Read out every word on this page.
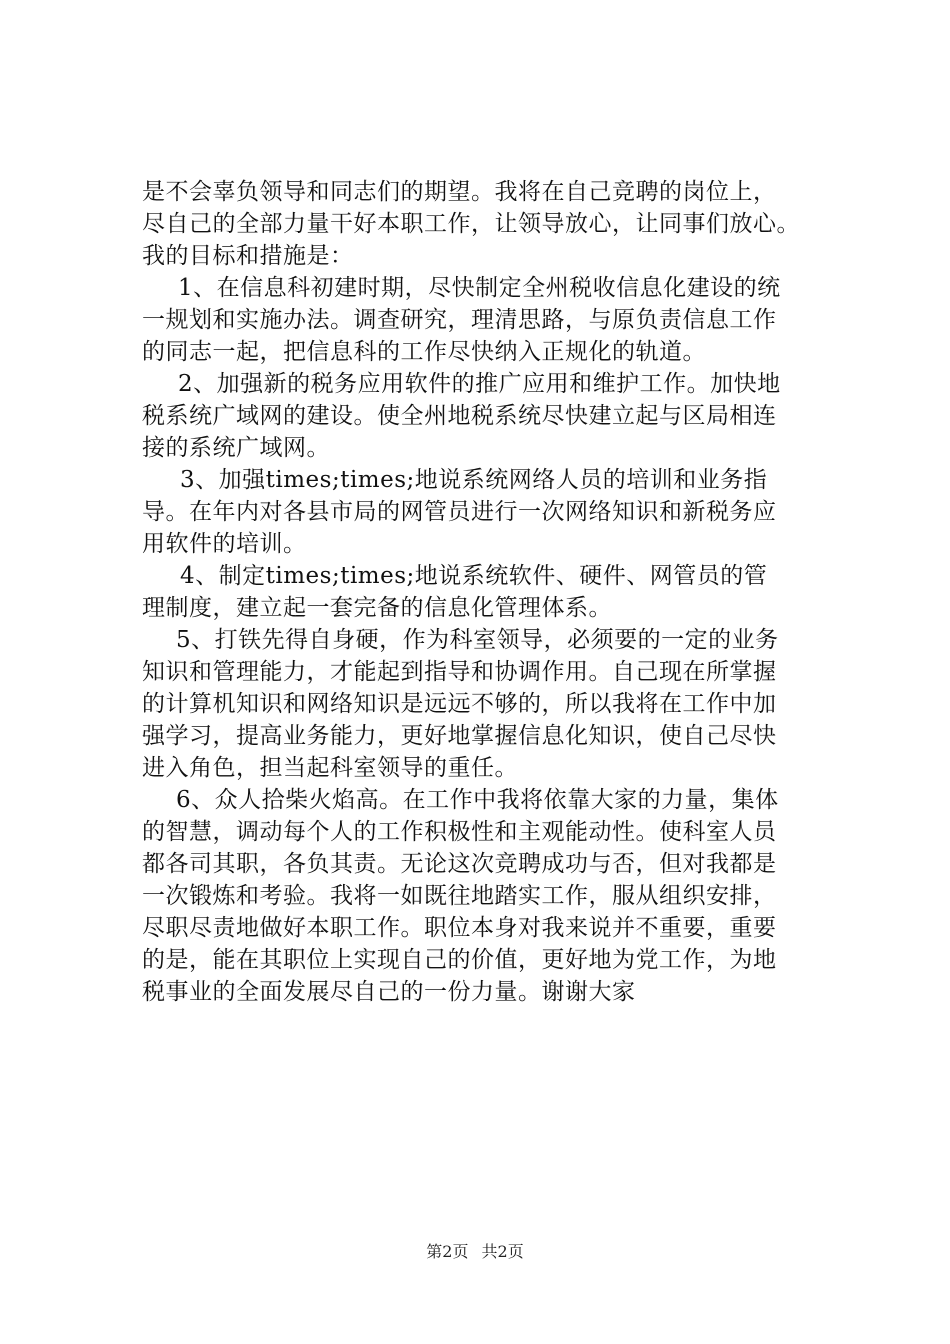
是不会辜负领导和同志们的期望。我将在自己竞聘的岗位上，
尽自己的全部力量干好本职工作，让领导放心，让同事们放心。
我的目标和措施是：
1、在信息科初建时期，尽快制定全州税收信息化建设的统
一规划和实施办法。调查研究，理清思路，与原负责信息工作
的同志一起，把信息科的工作尽快纳入正规化的轨道。
2、加强新的税务应用软件的推广应用和维护工作。加快地
税系统广域网的建设。使全州地税系统尽快建立起与区局相连
接的系统广域网。
3、加强times;times;地说系统网络人员的培训和业务指
导。在年内对各县市局的网管员进行一次网络知识和新税务应
用软件的培训。
4、制定times;times;地说系统软件、硬件、网管员的管
理制度，建立起一套完备的信息化管理体系。
5、打铁先得自身硬，作为科室领导，必须要的一定的业务
知识和管理能力，才能起到指导和协调作用。自己现在所掌握
的计算机知识和网络知识是远远不够的，所以我将在工作中加
强学习，提高业务能力，更好地掌握信息化知识，使自己尽快
进入角色，担当起科室领导的重任。
6、众人拾柴火焰高。在工作中我将依靠大家的力量，集体
的智慧，调动每个人的工作积极性和主观能动性。使科室人员
都各司其职，各负其责。无论这次竞聘成功与否，但对我都是
一次锻炼和考验。我将一如既往地踏实工作，服从组织安排，
尽职尽责地做好本职工作。职位本身对我来说并不重要，重要
的是，能在其职位上实现自己的价值，更好地为党工作，为地
税事业的全面发展尽自己的一份力量。谢谢大家
第2页 共2页
